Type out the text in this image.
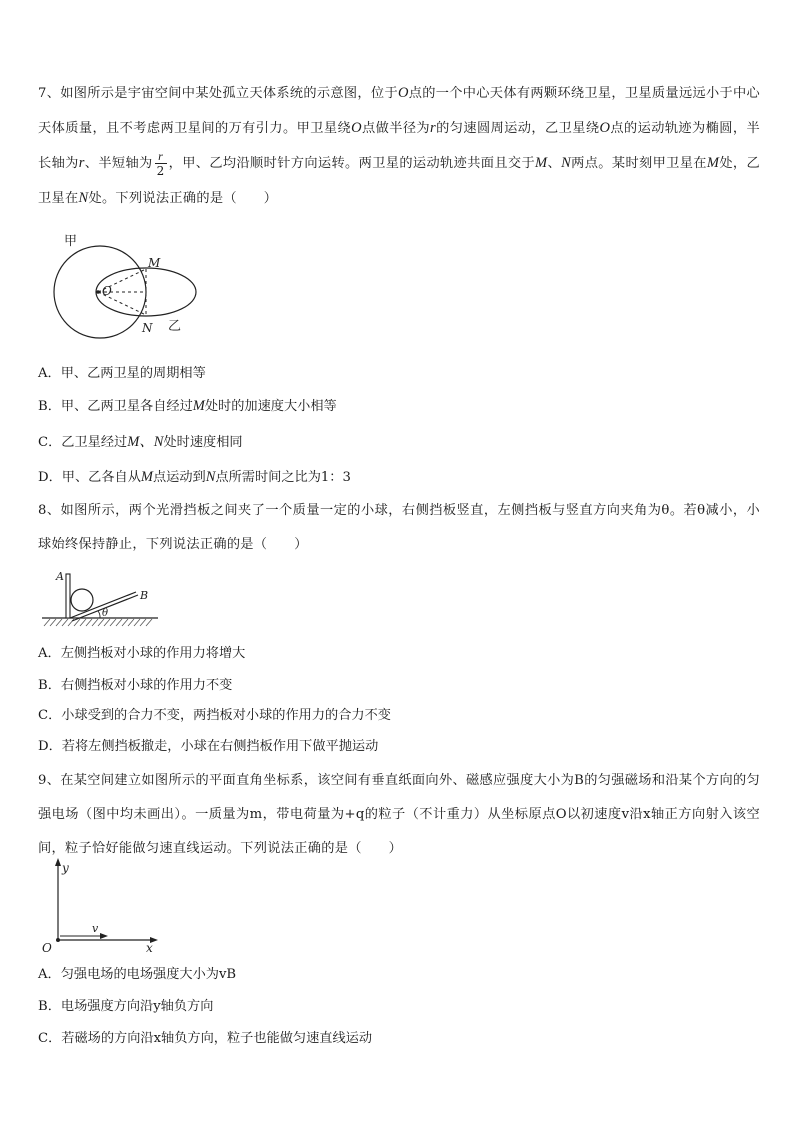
7、如图所示是宇宙空间中某处孤立天体系统的示意图，位于O点的一个中心天体有两颗环绕卫星，卫星质量远远小于中心天体质量，且不考虑两卫星间的万有引力。甲卫星绕O点做半径为r的匀速圆周运动，乙卫星绕O点的运动轨迹为椭圆，半长轴为r、半短轴为 $\frac{r}{2}$ ，甲、乙均沿顺时针方向运转。两卫星的运动轨迹共面且交于M、N两点。某时刻甲卫星在M处，乙卫星在N处。下列说法正确的是（　　）
甲
M
N
O
乙
A．甲、乙两卫星的周期相等
B．甲、乙两卫星各自经过M处时的加速度大小相等
C．乙卫星经过M、N处时速度相同
D．甲、乙各自从M点运动到N点所需时间之比为1：3
8、如图所示，两个光滑挡板之间夹了一个质量一定的小球，右侧挡板竖直，左侧挡板与竖直方向夹角为θ。若θ减小，小球始终保持静止，下列说法正确的是（　　）
A
B
θ
A．左侧挡板对小球的作用力将增大
B．右侧挡板对小球的作用力不变
C．小球受到的合力不变，两挡板对小球的作用力的合力不变
D．若将左侧挡板撤走，小球在右侧挡板作用下做平抛运动
9、在某空间建立如图所示的平面直角坐标系，该空间有垂直纸面向外、磁感应强度大小为B的匀强磁场和沿某个方向的匀强电场（图中均未画出）。一质量为m，带电荷量为+q的粒子（不计重力）从坐标原点O以初速度v沿x轴正方向射入该空间，粒子恰好能做匀速直线运动。下列说法正确的是（　　）
y
x
O
v
A．匀强电场的电场强度大小为vB
B．电场强度方向沿y轴负方向
C．若磁场的方向沿x轴负方向，粒子也能做匀速直线运动
